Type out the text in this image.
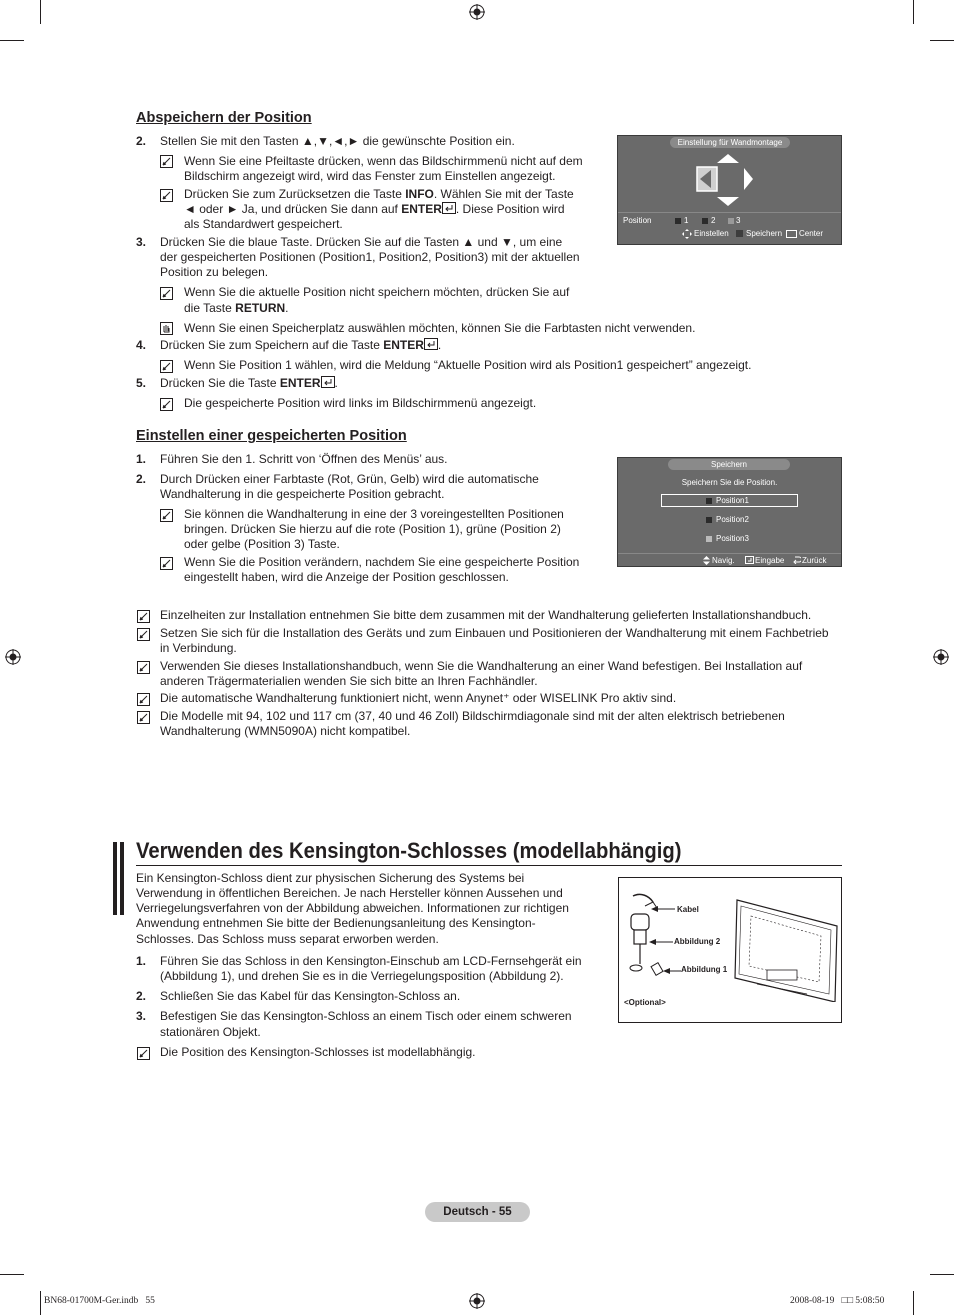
Abspeichern der Position
2. Stellen Sie mit den Tasten ▲,▼,◄,► die gewünschte Position ein.
Wenn Sie eine Pfeiltaste drücken, wenn das Bildschirmmenü nicht auf dem
Bildschirm angezeigt wird, wird das Fenster zum Einstellen angezeigt.
Drücken Sie zum Zurücksetzen die Taste INFO. Wählen Sie mit der Taste
◄ oder ► Ja, und drücken Sie dann auf ENTER . Diese Position wird
als Standardwert gespeichert.
3. Drücken Sie die blaue Taste. Drücken Sie auf die Tasten ▲ und ▼, um eine
der gespeicherten Positionen (Position1, Position2, Position3) mit der aktuellen
Position zu belegen.
Wenn Sie die aktuelle Position nicht speichern möchten, drücken Sie auf
die Taste RETURN.
Wenn Sie einen Speicherplatz auswählen möchten, können Sie die Farbtasten nicht verwenden.
4. Drücken Sie zum Speichern auf die Taste ENTER .
Wenn Sie Position 1 wählen, wird die Meldung “Aktuelle Position wird als Position1 gespeichert” angezeigt.
5. Drücken Sie die Taste ENTER .
Die gespeicherte Position wird links im Bildschirmmenü angezeigt.
Einstellung für Wandmontage
Position	1	2	3
Einstellen Speichern Center
Einstellen einer gespeicherten Position
1. Führen Sie den 1. Schritt von ‘Öffnen des Menüs’ aus.
2. Durch Drücken einer Farbtaste (Rot, Grün, Gelb) wird die automatische
Wandhalterung in die gespeicherte Position gebracht.
Sie können die Wandhalterung in eine der 3 voreingestellten Positionen
bringen. Drücken Sie hierzu auf die rote (Position 1), grüne (Position 2)
oder gelbe (Position 3) Taste.
Wenn Sie die Position verändern, nachdem Sie eine gespeicherte Position
eingestellt haben, wird die Anzeige der Position geschlossen.
Speichern
Speichern Sie die Position.
Position1
Position2
Position3
Navig.	Eingabe Zurück
Einzelheiten zur Installation entnehmen Sie bitte dem zusammen mit der Wandhalterung gelieferten Installationshandbuch.
Setzen Sie sich für die Installation des Geräts und zum Einbauen und Positionieren der Wandhalterung mit einem Fachbetrieb
in Verbindung.
Verwenden Sie dieses Installationshandbuch, wenn Sie die Wandhalterung an einer Wand befestigen. Bei Installation auf
anderen Trägermaterialien wenden Sie sich bitte an Ihren Fachhändler.
Die automatische Wandhalterung funktioniert nicht, wenn Anynet⁺ oder WISELINK Pro aktiv sind.
Die Modelle mit 94, 102 und 117 cm (37, 40 und 46 Zoll) Bildschirmdiagonale sind mit der alten elektrisch betriebenen
Wandhalterung (WMN5090A) nicht kompatibel.
Verwenden des Kensington-Schlosses (modellabhängig)
Ein Kensington-Schloss dient zur physischen Sicherung des Systems bei
Verwendung in öffentlichen Bereichen. Je nach Hersteller können Aussehen und
Verriegelungsverfahren von der Abbildung abweichen. Informationen zur richtigen
Anwendung entnehmen Sie bitte der Bedienungsanleitung des Kensington-
Schlosses. Das Schloss muss separat erworben werden.
1. Führen Sie das Schloss in den Kensington-Einschub am LCD-Fernsehgerät ein
(Abbildung 1), und drehen Sie es in die Verriegelungsposition (Abbildung 2).
2. Schließen Sie das Kabel für das Kensington-Schloss an.
3. Befestigen Sie das Kensington-Schloss an einem Tisch oder einem schweren
stationären Objekt.
Die Position des Kensington-Schlosses ist modellabhängig.
Kabel
Abbildung 2
Abbildung 1
<Optional>
Deutsch - 55
BN68-01700M-Ger.indb   55	2008-08-19   □□ 5:08:50
